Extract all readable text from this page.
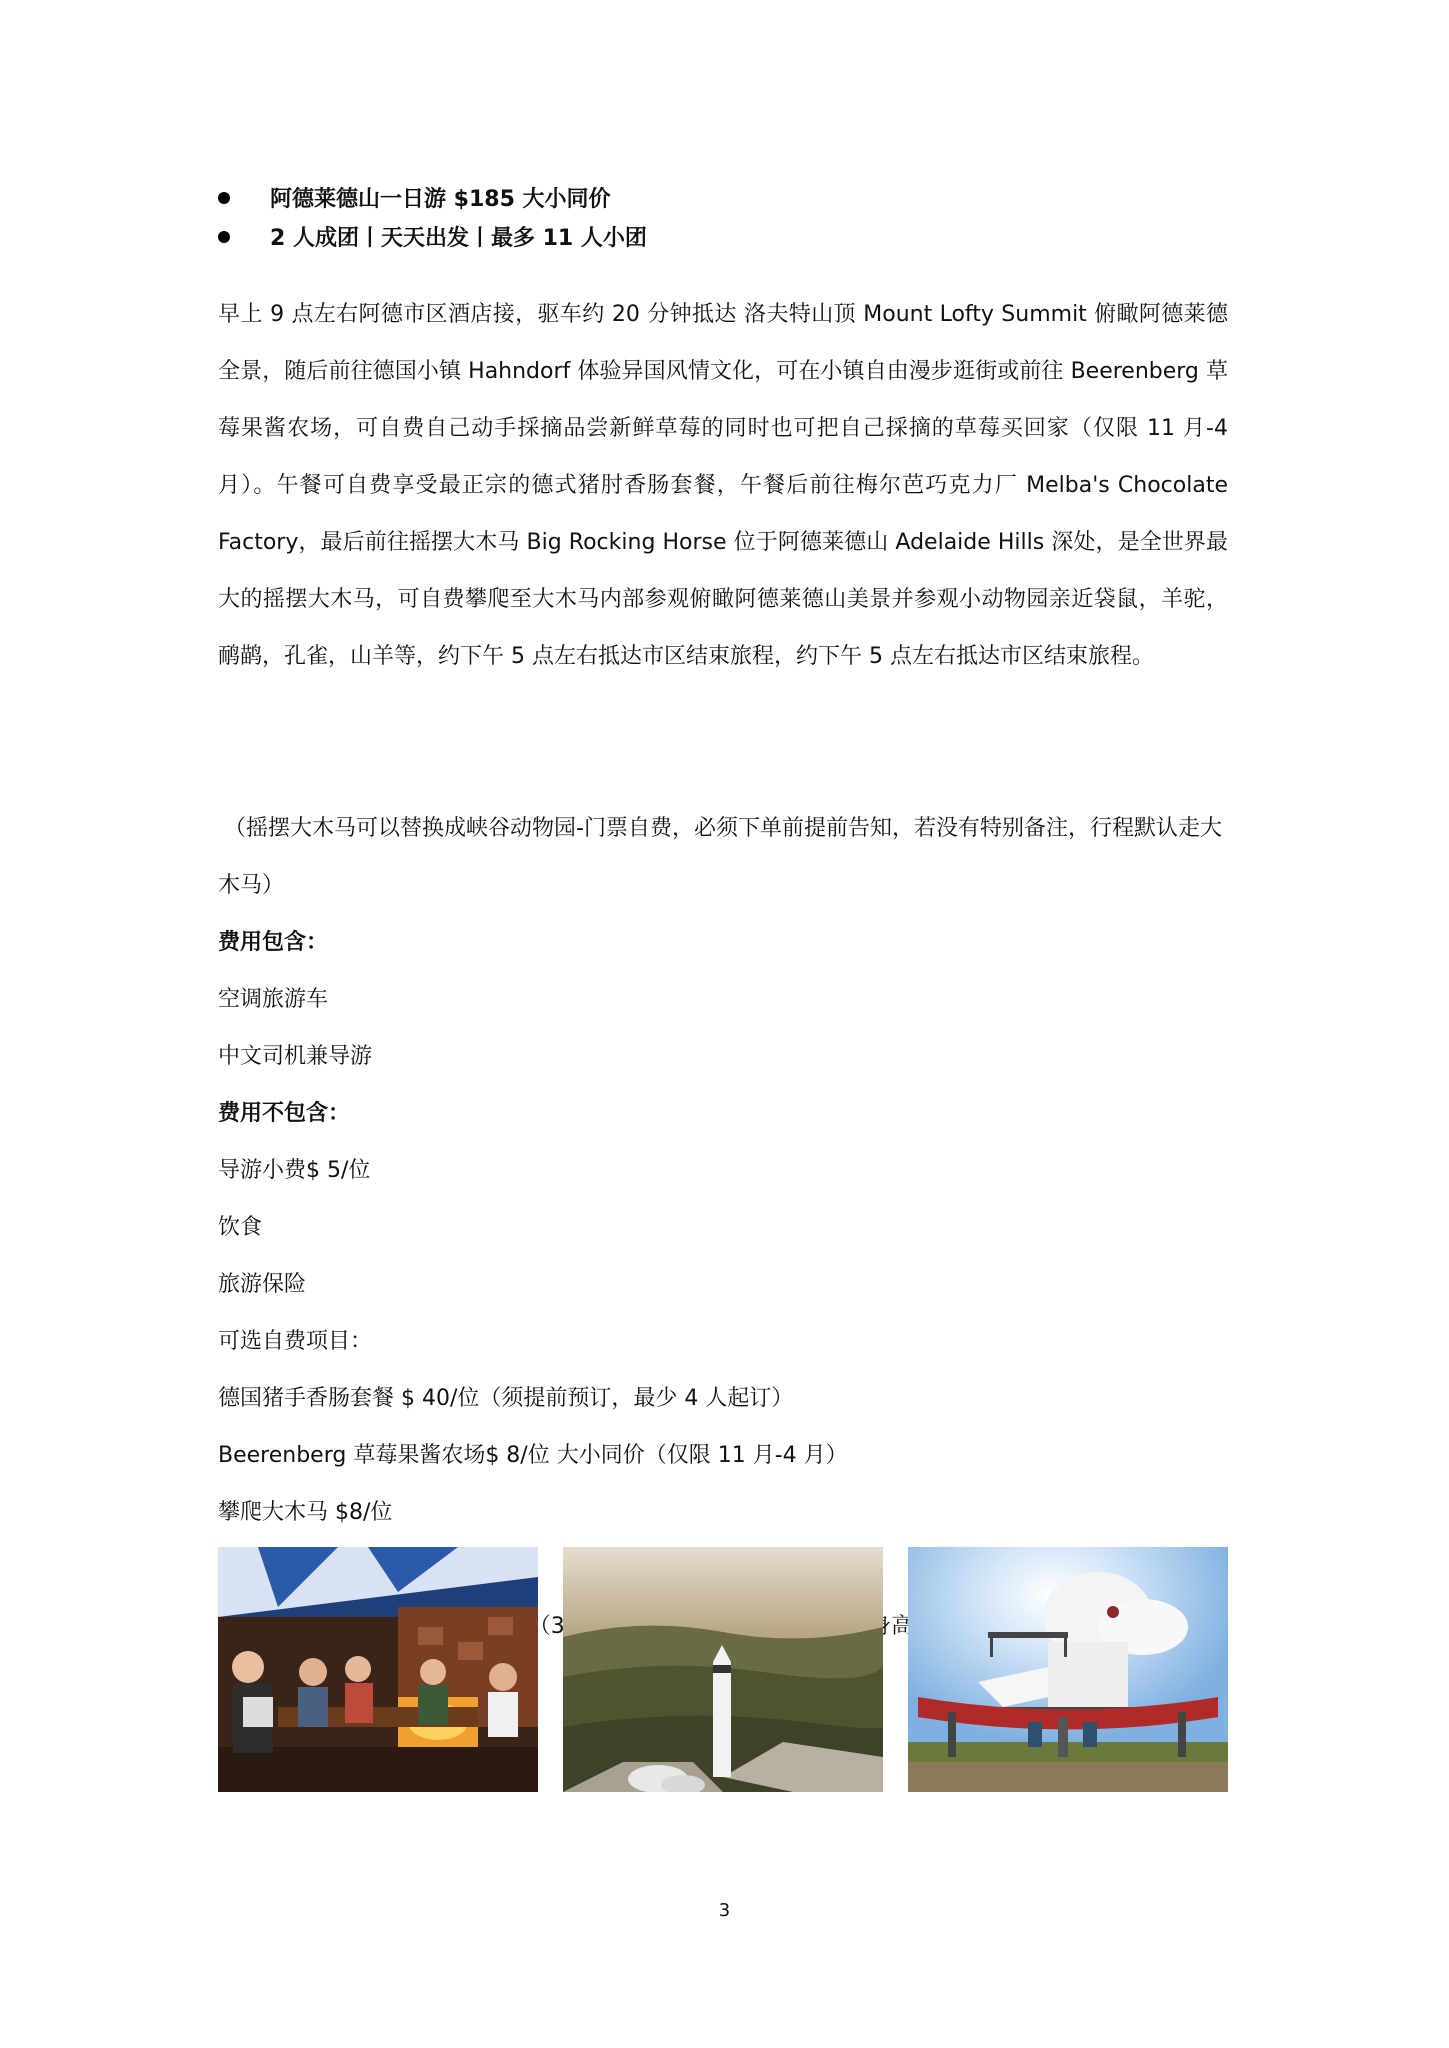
阿德莱德山一日游 $185 大小同价
2 人成团丨天天出发丨最多 11 人小团
早上 9 点左右阿德市区酒店接，驱车约 20 分钟抵达 洛夫特山顶 Mount Lofty Summit 俯瞰阿德莱德全景，随后前往德国小镇 Hahndorf 体验异国风情文化，可在小镇自由漫步逛街或前往 Beerenberg 草莓果酱农场，可自费自己动手採摘品尝新鲜草莓的同时也可把自己採摘的草莓买回家（仅限 11 月-4 月）。午餐可自费享受最正宗的德式猪肘香肠套餐，午餐后前往梅尔芭巧克力厂 Melba's Chocolate Factory，最后前往摇摆大木马 Big Rocking Horse 位于阿德莱德山 Adelaide Hills 深处，是全世界最大的摇摆大木马，可自费攀爬至大木马内部参观俯瞰阿德莱德山美景并参观小动物园亲近袋鼠，羊驼，鸸鹋，孔雀，山羊等，约下午 5 点左右抵达市区结束旅程，约下午 5 点左右抵达市区结束旅程。
（摇摆大木马可以替换成峡谷动物园-门票自费，必须下单前提前告知，若没有特别备注，行程默认走大木马）
费用包含：
空调旅游车
中文司机兼导游
费用不包含：
导游小费$ 5/位
饮食
旅游保险
可选自费项目：
德国猪手香肠套餐 $ 40/位（须提前预订，最少 4 人起订）
Beerenberg 草莓果酱农场$ 8/位 大小同价（仅限 11 月-4 月）
攀爬大木马 $8/位
3
